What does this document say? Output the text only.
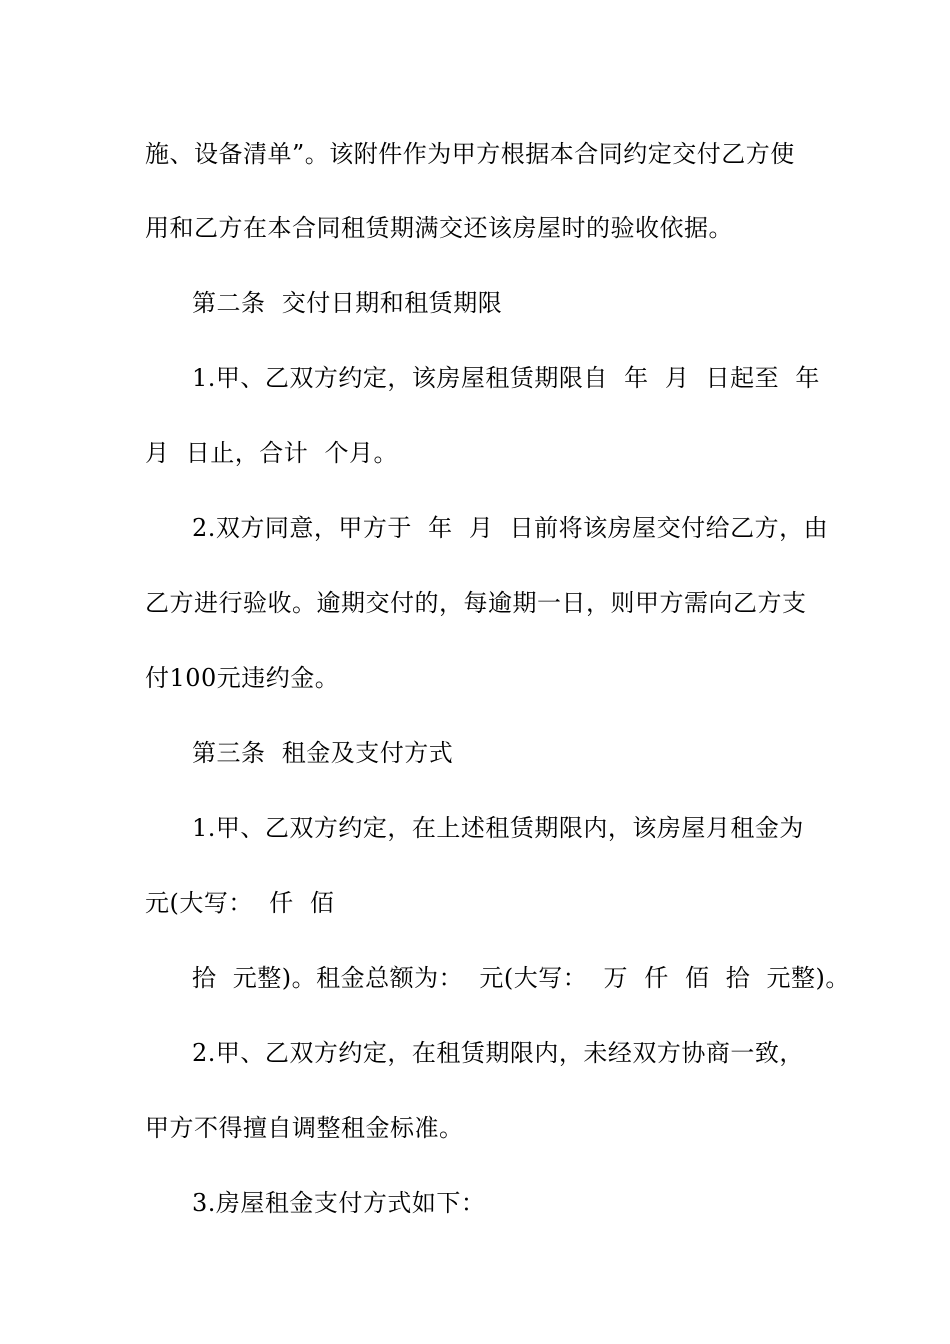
施、设备清单”。该附件作为甲方根据本合同约定交付乙方使
用和乙方在本合同租赁期满交还该房屋时的验收依据。
第二条  交付日期和租赁期限
1.甲、乙双方约定，该房屋租赁期限自  年  月  日起至  年
月  日止，合计  个月。
2.双方同意，甲方于  年  月  日前将该房屋交付给乙方，由
乙方进行验收。逾期交付的，每逾期一日，则甲方需向乙方支
付100元违约金。
第三条  租金及支付方式
1.甲、乙双方约定，在上述租赁期限内，该房屋月租金为
元(大写：  仟  佰
拾  元整)。租金总额为：  元(大写：  万  仟  佰  拾  元整)。
2.甲、乙双方约定，在租赁期限内，未经双方协商一致，
甲方不得擅自调整租金标准。
3.房屋租金支付方式如下：
